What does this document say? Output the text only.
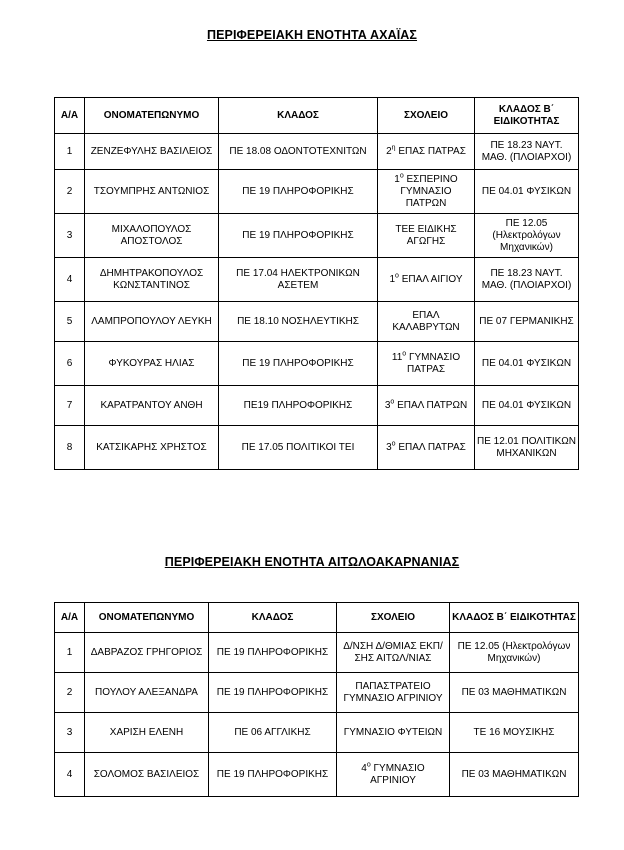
ΠΕΡΙΦΕΡΕΙΑΚΗ ΕΝΟΤΗΤΑ ΑΧΑΪΑΣ
Α/Α	ΟΝΟΜΑΤΕΠΩΝΥΜΟ	ΚΛΑΔΟΣ	ΣΧΟΛΕΙΟ	ΚΛΑΔΟΣ Β΄ ΕΙΔΙΚΟΤΗΤΑΣ
1	ΖΕΝΖΕΦΥΛΗΣ ΒΑΣΙΛΕΙΟΣ	ΠΕ 18.08 ΟΔΟΝΤΟΤΕΧΝΙΤΩΝ	$2^\eta$ ΕΠΑΣ ΠΑΤΡΑΣ	ΠΕ 18.23 ΝΑΥΤ. ΜΑΘ. (ΠΛΟΙΑΡΧΟΙ)
2	ΤΣΟΥΜΠΡΗΣ ΑΝΤΩΝΙΟΣ	ΠΕ 19 ΠΛΗΡΟΦΟΡΙΚΗΣ	$1^o$ ΕΣΠΕΡΙΝΟ ΓΥΜΝΑΣΙΟ ΠΑΤΡΩΝ	ΠΕ 04.01 ΦΥΣΙΚΩΝ
3	ΜΙΧΑΛΟΠΟΥΛΟΣ ΑΠΟΣΤΟΛΟΣ	ΠΕ 19 ΠΛΗΡΟΦΟΡΙΚΗΣ	ΤΕΕ ΕΙΔΙΚΗΣ ΑΓΩΓΗΣ	ΠΕ 12.05 (Ηλεκτρολόγων Μηχανικών)
4	ΔΗΜΗΤΡΑΚΟΠΟΥΛΟΣ ΚΩΝΣΤΑΝΤΙΝΟΣ	ΠΕ 17.04 ΗΛΕΚΤΡΟΝΙΚΩΝ ΑΣΕΤΕΜ	$1^o$ ΕΠΑΛ ΑΙΓΙΟΥ	ΠΕ 18.23 ΝΑΥΤ. ΜΑΘ. (ΠΛΟΙΑΡΧΟΙ)
5	ΛΑΜΠΡΟΠΟΥΛΟΥ ΛΕΥΚΗ	ΠΕ 18.10 ΝΟΣΗΛΕΥΤΙΚΗΣ	ΕΠΑΛ ΚΑΛΑΒΡΥΤΩΝ	ΠΕ 07 ΓΕΡΜΑΝΙΚΗΣ
6	ΦΥΚΟΥΡΑΣ ΗΛΙΑΣ	ΠΕ 19 ΠΛΗΡΟΦΟΡΙΚΗΣ	$11^o$ ΓΥΜΝΑΣΙΟ ΠΑΤΡΑΣ	ΠΕ 04.01 ΦΥΣΙΚΩΝ
7	ΚΑΡΑΤΡΑΝΤΟΥ ΑΝΘΗ	ΠΕ19 ΠΛΗΡΟΦΟΡΙΚΗΣ	$3^o$ ΕΠΑΛ ΠΑΤΡΩΝ	ΠΕ 04.01 ΦΥΣΙΚΩΝ
8	ΚΑΤΣΙΚΑΡΗΣ ΧΡΗΣΤΟΣ	ΠΕ 17.05 ΠΟΛΙΤΙΚΟΙ ΤΕΙ	$3^o$ ΕΠΑΛ ΠΑΤΡΑΣ	ΠΕ 12.01 ΠΟΛΙΤΙΚΩΝ ΜΗΧΑΝΙΚΩΝ
ΠΕΡΙΦΕΡΕΙΑΚΗ ΕΝΟΤΗΤΑ ΑΙΤΩΛΟΑΚΑΡΝΑΝΙΑΣ
Α/Α	ΟΝΟΜΑΤΕΠΩΝΥΜΟ	ΚΛΑΔΟΣ	ΣΧΟΛΕΙΟ	ΚΛΑΔΟΣ Β΄ ΕΙΔΙΚΟΤΗΤΑΣ
1	ΔΑΒΡΑΖΟΣ ΓΡΗΓΟΡΙΟΣ	ΠΕ 19 ΠΛΗΡΟΦΟΡΙΚΗΣ	Δ/ΝΣΗ Δ/ΘΜΙΑΣ ΕΚΠ/ΣΗΣ ΑΙΤΩΛ/ΝΙΑΣ	ΠΕ 12.05 (Ηλεκτρολόγων Μηχανικών)
2	ΠΟΥΛΟΥ ΑΛΕΞΑΝΔΡΑ	ΠΕ 19 ΠΛΗΡΟΦΟΡΙΚΗΣ	ΠΑΠΑΣΤΡΑΤΕΙΟ ΓΥΜΝΑΣΙΟ ΑΓΡΙΝΙΟΥ	ΠΕ 03 ΜΑΘΗΜΑΤΙΚΩΝ
3	ΧΑΡΙΣΗ ΕΛΕΝΗ	ΠΕ 06 ΑΓΓΛΙΚΗΣ	ΓΥΜΝΑΣΙΟ ΦΥΤΕΙΩΝ	ΤΕ 16 ΜΟΥΣΙΚΗΣ
4	ΣΟΛΟΜΟΣ ΒΑΣΙΛΕΙΟΣ	ΠΕ 19 ΠΛΗΡΟΦΟΡΙΚΗΣ	$4^o$ ΓΥΜΝΑΣΙΟ ΑΓΡΙΝΙΟΥ	ΠΕ 03 ΜΑΘΗΜΑΤΙΚΩΝ
